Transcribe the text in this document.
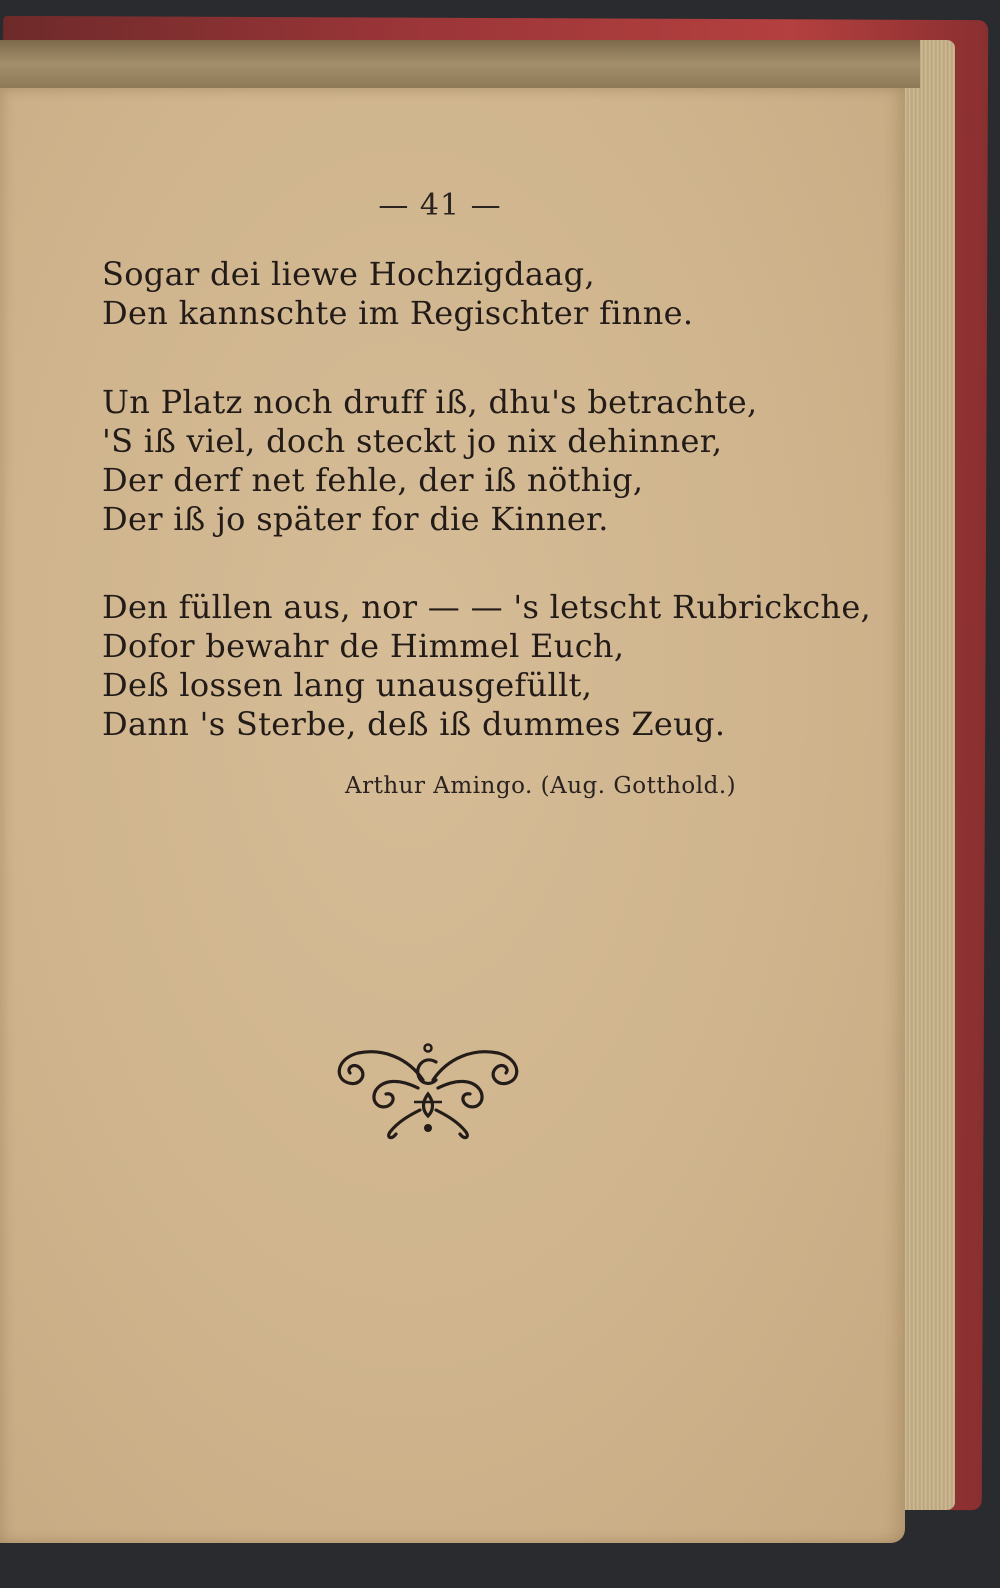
— 41 —
Sogar dei liewe Hochzigdaag,
Den kannschte im Regischter finne.
Un Platz noch druff iß, dhu's betrachte,
'S iß viel, doch steckt jo nix dehinner,
Der derf net fehle, der iß nöthig,
Der iß jo später for die Kinner.
Den füllen aus, nor — — 's letscht Rubrickche,
Dofor bewahr de Himmel Euch,
Deß lossen lang unausgefüllt,
Dann 's Sterbe, deß iß dummes Zeug.
Arthur Amingo. (Aug. Gotthold.)
